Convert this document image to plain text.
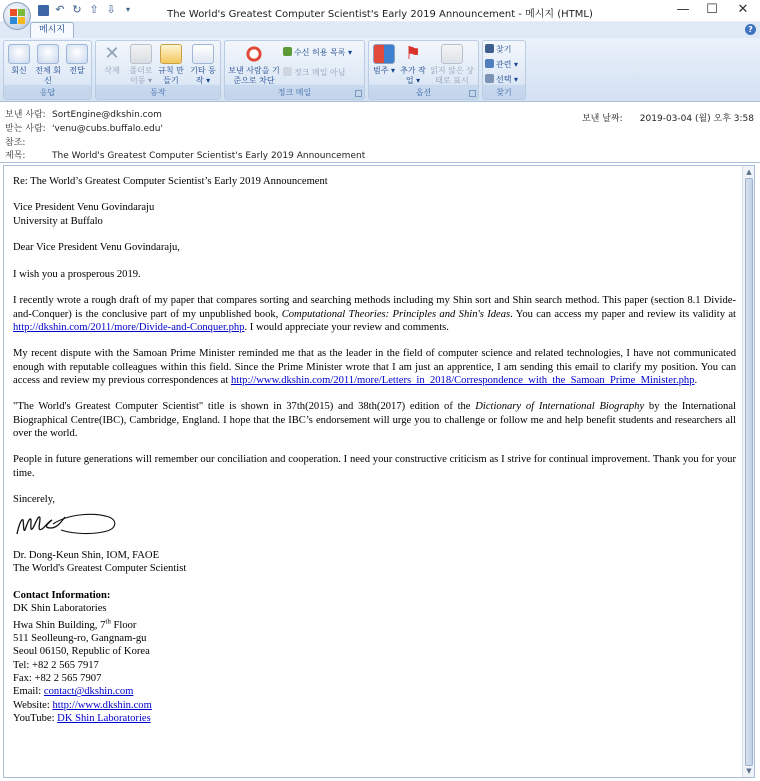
↶ ↻ ⇧ ⇩	▾	The World's Greatest Computer Scientist's Early 2019 Announcement - 메시지 (HTML)	—	☐	✕
메시지	?
회신	전체 회신
전달
응답
✕
삭제	폴더로 이동 ▾
규칙 만들기
기타 동작 ▾
동작
보낸 사람을 기준으로 차단
수신 허용 목록 ▾
정크 메일 아님
정크 메일
범주 ▾
⚑
추가 작업 ▾
읽지 않은 상태로 표시
옵션
찾기
관련 ▾
선택 ▾
찾기
보낸 사람: SortEngine@dkshin.com
받는 사람: 'venu@cubs.buffalo.edu'
참조:
제목:	The World's Greatest Computer Scientist's Early 2019 Announcement
보낸 날짜: 2019-03-04 (월) 오후 3:58

Re: The World’s Greatest Computer Scientist’s Early 2019 Announcement

Vice President Venu Govindaraju
University at Buffalo

Dear Vice President Venu Govindaraju,

I wish you a prosperous 2019.

I recently wrote a rough draft of my paper that compares sorting and searching methods including my Shin sort and Shin search method. This paper (section 8.1 Divide-and-Conquer) is the conclusive part of my unpublished book, Computational Theories: Principles and Shin's Ideas. You can access my paper and review its validity at http://dkshin.com/2011/more/Divide-and-Conquer.php. I would appreciate your review and comments.

My recent dispute with the Samoan Prime Minister reminded me that as the leader in the field of computer science and related technologies, I have not communicated enough with reputable colleagues within this field. Since the Prime Minister wrote that I am just an apprentice, I am sending this email to clarify my position. You can access and review my previous correspondences at http://www.dkshin.com/2011/more/Letters_in_2018/Correspondence_with_the_Samoan_Prime_Minister.php.

"The World's Greatest Computer Scientist" title is shown in 37th(2015) and 38th(2017) edition of the Dictionary of International Biography by the International Biographical Centre(IBC), Cambridge, England. I hope that the IBC’s endorsement will urge you to challenge or follow me and help benefit students and researchers all over the world.

People in future generations will remember our conciliation and cooperation. I need your constructive criticism as I strive for continual improvement. Thank you for your time.

Sincerely,

Dr. Dong-Keun Shin, IOM, FAOE
The World's Greatest Computer Scientist

Contact Information:
DK Shin Laboratories
Hwa Shin Building, 7th Floor
511 Seolleung-ro, Gangnam-gu
Seoul 06150, Republic of Korea
Tel: +82 2 565 7917
Fax: +82 2 565 7907
Email: contact@dkshin.com
Website: http://www.dkshin.com
YouTube: DK Shin Laboratories

▲
▼
